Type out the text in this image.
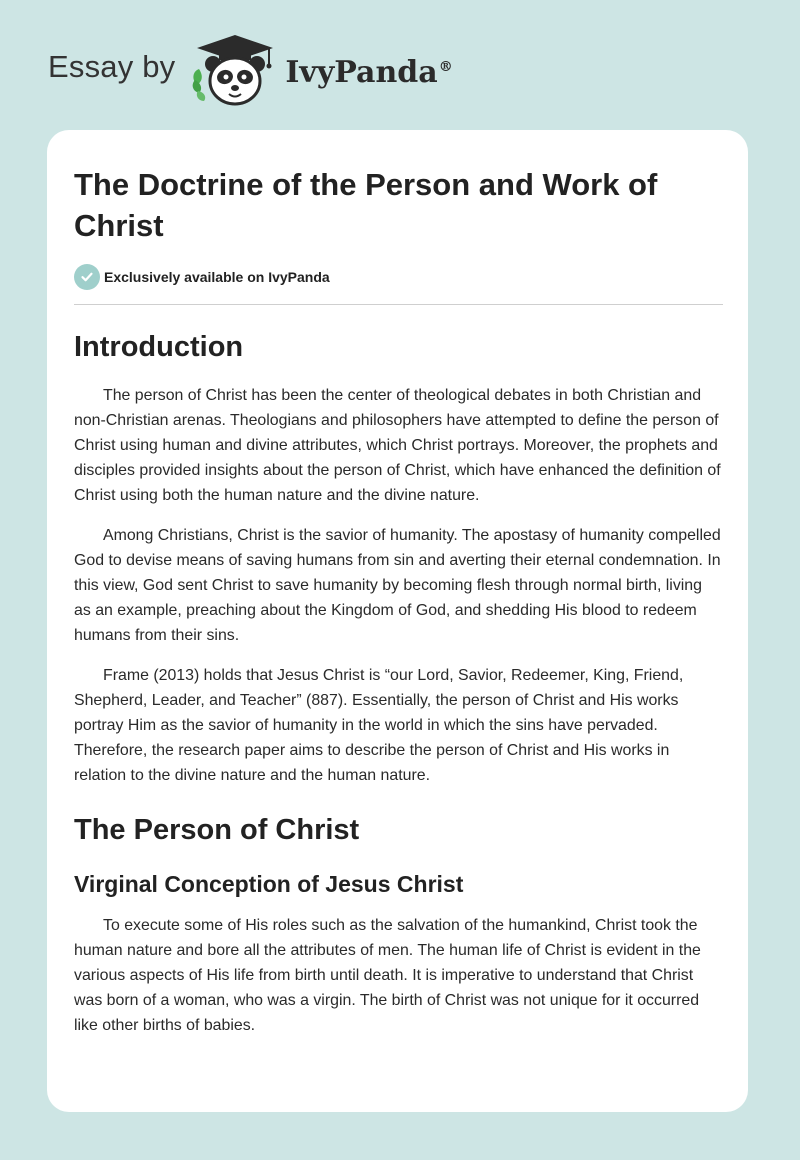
Essay by	IvyPanda®
The Doctrine of the Person and Work of Christ
Exclusively available on IvyPanda
Introduction

The person of Christ has been the center of theological debates in both Christian and non-Christian arenas. Theologians and philosophers have attempted to define the person of Christ using human and divine attributes, which Christ portrays. Moreover, the prophets and disciples provided insights about the person of Christ, which have enhanced the definition of Christ using both the human nature and the divine nature.

Among Christians, Christ is the savior of humanity. The apostasy of humanity compelled God to devise means of saving humans from sin and averting their eternal condemnation. In this view, God sent Christ to save humanity by becoming flesh through normal birth, living as an example, preaching about the Kingdom of God, and shedding His blood to redeem humans from their sins.

Frame (2013) holds that Jesus Christ is “our Lord, Savior, Redeemer, King, Friend, Shepherd, Leader, and Teacher” (887). Essentially, the person of Christ and His works portray Him as the savior of humanity in the world in which the sins have pervaded. Therefore, the research paper aims to describe the person of Christ and His works in relation to the divine nature and the human nature.

The Person of Christ
Virginal Conception of Jesus Christ

To execute some of His roles such as the salvation of the humankind, Christ took the human nature and bore all the attributes of men. The human life of Christ is evident in the various aspects of His life from birth until death. It is imperative to understand that Christ was born of a woman, who was a virgin. The birth of Christ was not unique for it occurred like other births of babies.
